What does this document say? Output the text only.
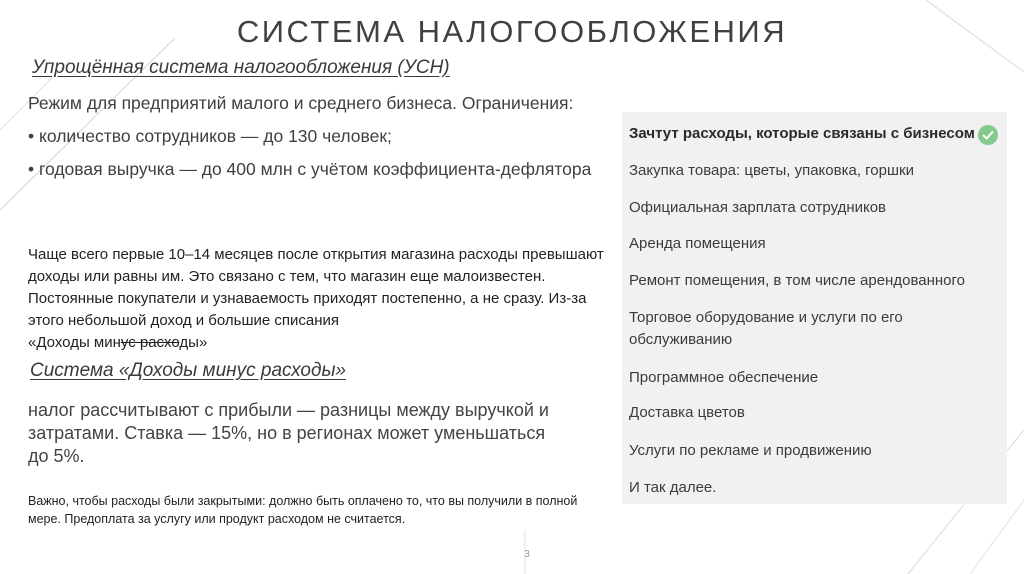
СИСТЕМА НАЛОГООБЛОЖЕНИЯ
Упрощённая система налогообложения (УСН)
Режим для предприятий малого и среднего бизнеса. Ограничения:
• количество сотрудников — до 130 человек;
• годовая выручка — до 400 млн с учётом коэффициента-дефлятора
Чаще всего первые 10–14 месяцев после открытия магазина расходы превышают доходы или равны им. Это связано с тем, что магазин еще малоизвестен. Постоянные покупатели и узнаваемость приходят постепенно, а не сразу. Из-за этого небольшой доход и большие списания
«Доходы минус расходы»
Система «Доходы минус расходы»
налог рассчитывают с прибыли — разницы между выручкой и затратами. Ставка — 15%, но в регионах может уменьшаться до 5%.
Важно, чтобы расходы были закрытыми: должно быть оплачено то, что вы получили в полной мере. Предоплата за услугу или продукт расходом не считается.
Зачтут расходы, которые связаны с бизнесом
Закупка товара: цветы, упаковка, горшки
Официальная зарплата сотрудников
Аренда помещения
Ремонт помещения, в том числе арендованного
Торговое оборудование и услуги по его обслуживанию
Программное обеспечение
Доставка цветов
Услуги по рекламе и продвижению
И так далее.
3
